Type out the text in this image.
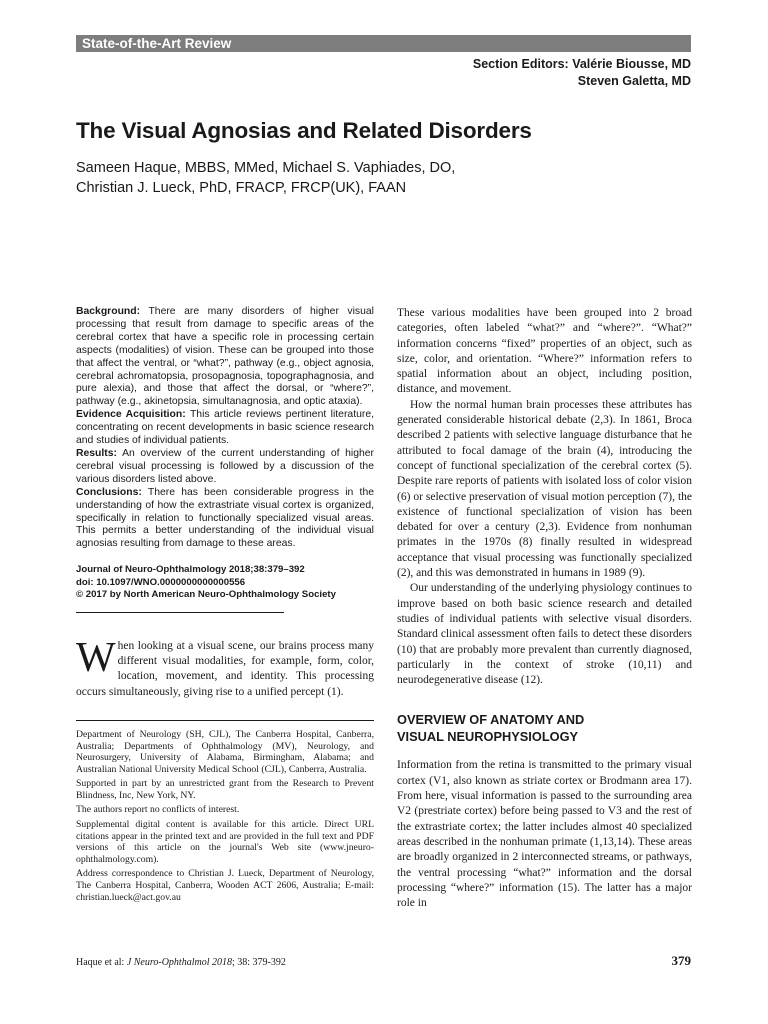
State-of-the-Art Review
Section Editors: Valérie Biousse, MD
Steven Galetta, MD
The Visual Agnosias and Related Disorders
Sameen Haque, MBBS, MMed, Michael S. Vaphiades, DO,
Christian J. Lueck, PhD, FRACP, FRCP(UK), FAAN

Background: There are many disorders of higher visual processing that result from damage to specific areas of the cerebral cortex that have a specific role in processing certain aspects (modalities) of vision. These can be grouped into those that affect the ventral, or “what?”, pathway (e.g., object agnosia, cerebral achromatopsia, prosopagnosia, topographagnosia, and pure alexia), and those that affect the dorsal, or “where?”, pathway (e.g., akinetopsia, simultanagnosia, and optic ataxia).

Evidence Acquisition: This article reviews pertinent literature, concentrating on recent developments in basic science research and studies of individual patients.

Results: An overview of the current understanding of higher cerebral visual processing is followed by a discussion of the various disorders listed above.

Conclusions: There has been considerable progress in the understanding of how the extrastriate visual cortex is organized, specifically in relation to functionally specialized visual areas. This permits a better understanding of the individual visual agnosias resulting from damage to these areas.

Journal of Neuro-Ophthalmology 2018;38:379–392
doi: 10.1097/WNO.0000000000000556
© 2017 by North American Neuro-Ophthalmology Society

When looking at a visual scene, our brains process many different visual modalities, for example, form, color, location, movement, and identity. This processing occurs simultaneously, giving rise to a unified percept (1).

Department of Neurology (SH, CJL), The Canberra Hospital, Canberra, Australia; Departments of Ophthalmology (MV), Neurology, and Neurosurgery, University of Alabama, Birmingham, Alabama; and Australian National University Medical School (CJL), Canberra, Australia.

Supported in part by an unrestricted grant from the Research to Prevent Blindness, Inc, New York, NY.

The authors report no conflicts of interest.

Supplemental digital content is available for this article. Direct URL citations appear in the printed text and are provided in the full text and PDF versions of this article on the journal's Web site (www.jneuro-ophthalmology.com).

Address correspondence to Christian J. Lueck, Department of Neurology, The Canberra Hospital, Canberra, Wooden ACT 2606, Australia; E-mail: christian.lueck@act.gov.au

These various modalities have been grouped into 2 broad categories, often labeled “what?” and “where?”. “What?” information concerns “fixed” properties of an object, such as size, color, and orientation. “Where?” information refers to spatial information about an object, including position, distance, and movement.

How the normal human brain processes these attributes has generated considerable historical debate (2,3). In 1861, Broca described 2 patients with selective language disturbance that he attributed to focal damage of the brain (4), introducing the concept of functional specialization of the cerebral cortex (5). Despite rare reports of patients with isolated loss of color vision (6) or selective preservation of visual motion perception (7), the existence of functional specialization of vision has been debated for over a century (2,3). Evidence from nonhuman primates in the 1970s (8) finally resulted in widespread acceptance that visual processing was functionally specialized (2), and this was demonstrated in humans in 1989 (9).

Our understanding of the underlying physiology continues to improve based on both basic science research and detailed studies of individual patients with selective visual disorders. Standard clinical assessment often fails to detect these disorders (10) that are probably more prevalent than currently diagnosed, particularly in the context of stroke (10,11) and neurodegenerative disease (12).

OVERVIEW OF ANATOMY AND
VISUAL NEUROPHYSIOLOGY

Information from the retina is transmitted to the primary visual cortex (V1, also known as striate cortex or Brodmann area 17). From here, visual information is passed to the surrounding area V2 (prestriate cortex) before being passed to V3 and the rest of the extrastriate cortex; the latter includes almost 40 specialized areas described in the nonhuman primate (1,13,14). These areas are broadly organized in 2 interconnected streams, or pathways, the ventral processing “what?” information and the dorsal processing “where?” information (15). The latter has a major role in

Haque et al: J Neuro-Ophthalmol 2018; 38: 379-392	379
